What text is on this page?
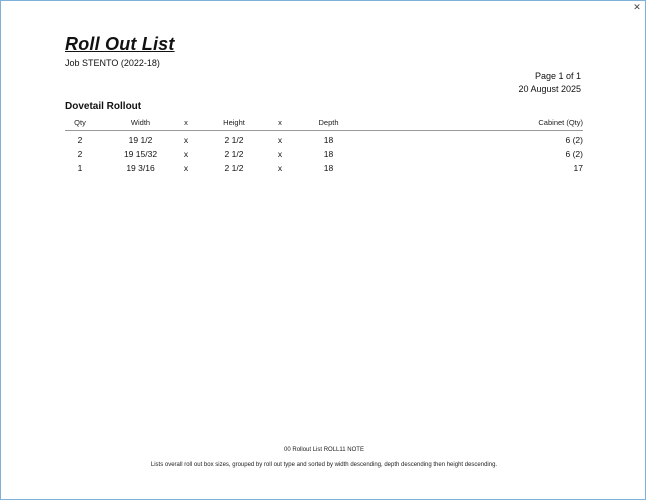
✕
Roll Out List
Job STENTO (2022-18)
Page 1 of 1
20 August 2025
Dovetail Rollout
Qty	Width	x	Height	x	Depth	Cabinet (Qty)
2	19 1/2	x	2 1/2	x	18	6 (2)
2	19 15/32	x	2 1/2	x	18	6 (2)
1	19 3/16	x	2 1/2	x	18	17
00 Rollout List ROLL11 NOTE
Lists overall roll out box sizes, grouped by roll out type and sorted by width descending, depth descending then height descending.
